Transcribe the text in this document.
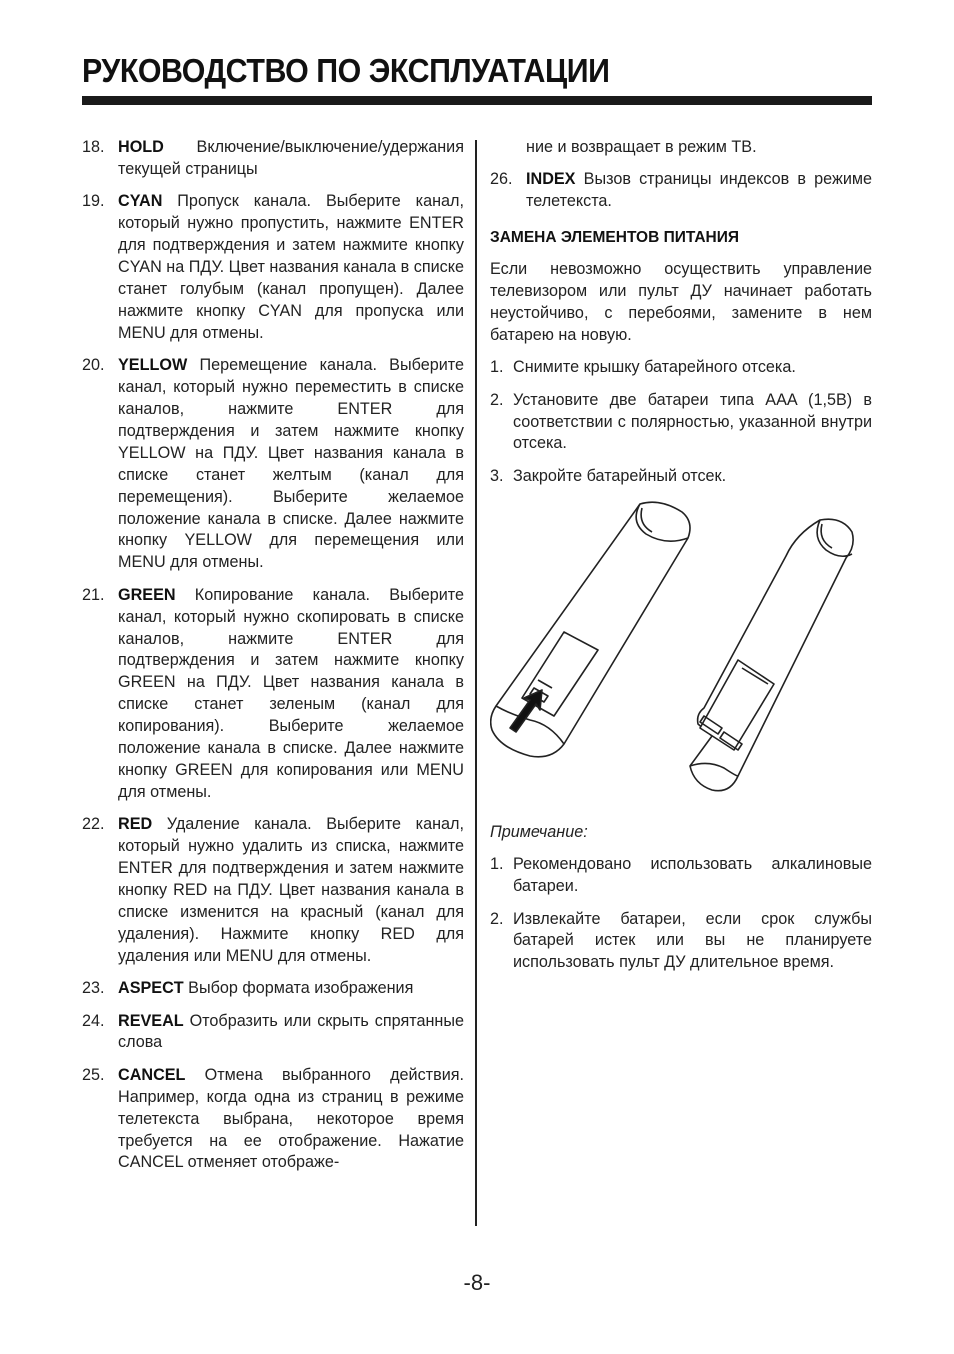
РУКОВОДСТВО ПО ЭКСПЛУАТАЦИИ
18. HOLD      Включение/выключение/удержания текущей страницы
19. CYAN Пропуск канала. Выберите канал, который нужно пропустить, нажмите ENTER для подтверждения и затем нажмите кнопку CYAN на ПДУ. Цвет названия канала в списке станет голубым (канал пропущен). Далее нажмите кнопку CYAN для пропуска или MENU для отмены.
20. YELLOW Перемещение канала. Выберите канал, который нужно переместить в списке каналов, нажмите ENTER для подтверждения и затем нажмите кнопку YELLOW на ПДУ. Цвет названия канала в списке станет желтым (канал для перемещения). Выберите желаемое положение канала в списке. Далее нажмите кнопку YELLOW для перемещения или MENU для отмены.
21. GREEN Копирование канала. Выберите канал, который нужно скопировать в списке каналов, нажмите ENTER для подтверждения и затем нажмите кнопку GREEN на ПДУ. Цвет названия канала в списке станет зеленым (канал для копирования). Выберите желаемое положение канала в списке. Далее нажмите кнопку GREEN для копирования или MENU для отмены.
22. RED Удаление канала. Выберите канал, который нужно удалить из списка, нажмите ENTER для подтверждения и затем нажмите кнопку RED на ПДУ. Цвет названия канала в списке изменится на красный (канал для удаления). Нажмите кнопку RED для удаления или MENU для отмены.
23. ASPECT Выбор формата изображения
24. REVEAL Отобразить или скрыть спрятанные слова
25. CANCEL Отмена выбранного действия. Например, когда одна из страниц в режиме телетекста выбрана, некоторое время требуется на ее отображение. Нажатие CANCEL отменяет отображе-
ние и возвращает в режим ТВ.
26. INDEX Вызов страницы индексов в режиме телетекста.
ЗАМЕНА ЭЛЕМЕНТОВ ПИТАНИЯ
Если невозможно осуществить управление телевизором или пульт ДУ начинает работать неустойчиво, с перебоями, замените в нем батарею на новую.
1. Снимите крышку батарейного отсека.
2. Установите две батареи типа AAA (1,5В) в соответствии с полярностью, указанной внутри отсека.
3. Закройте батарейный отсек.
Примечание:
1. Рекомендовано использовать алкалиновые батареи.
2. Извлекайте батареи, если срок службы батарей истек или вы не планируете использовать пульт ДУ длительное время.
-8-
